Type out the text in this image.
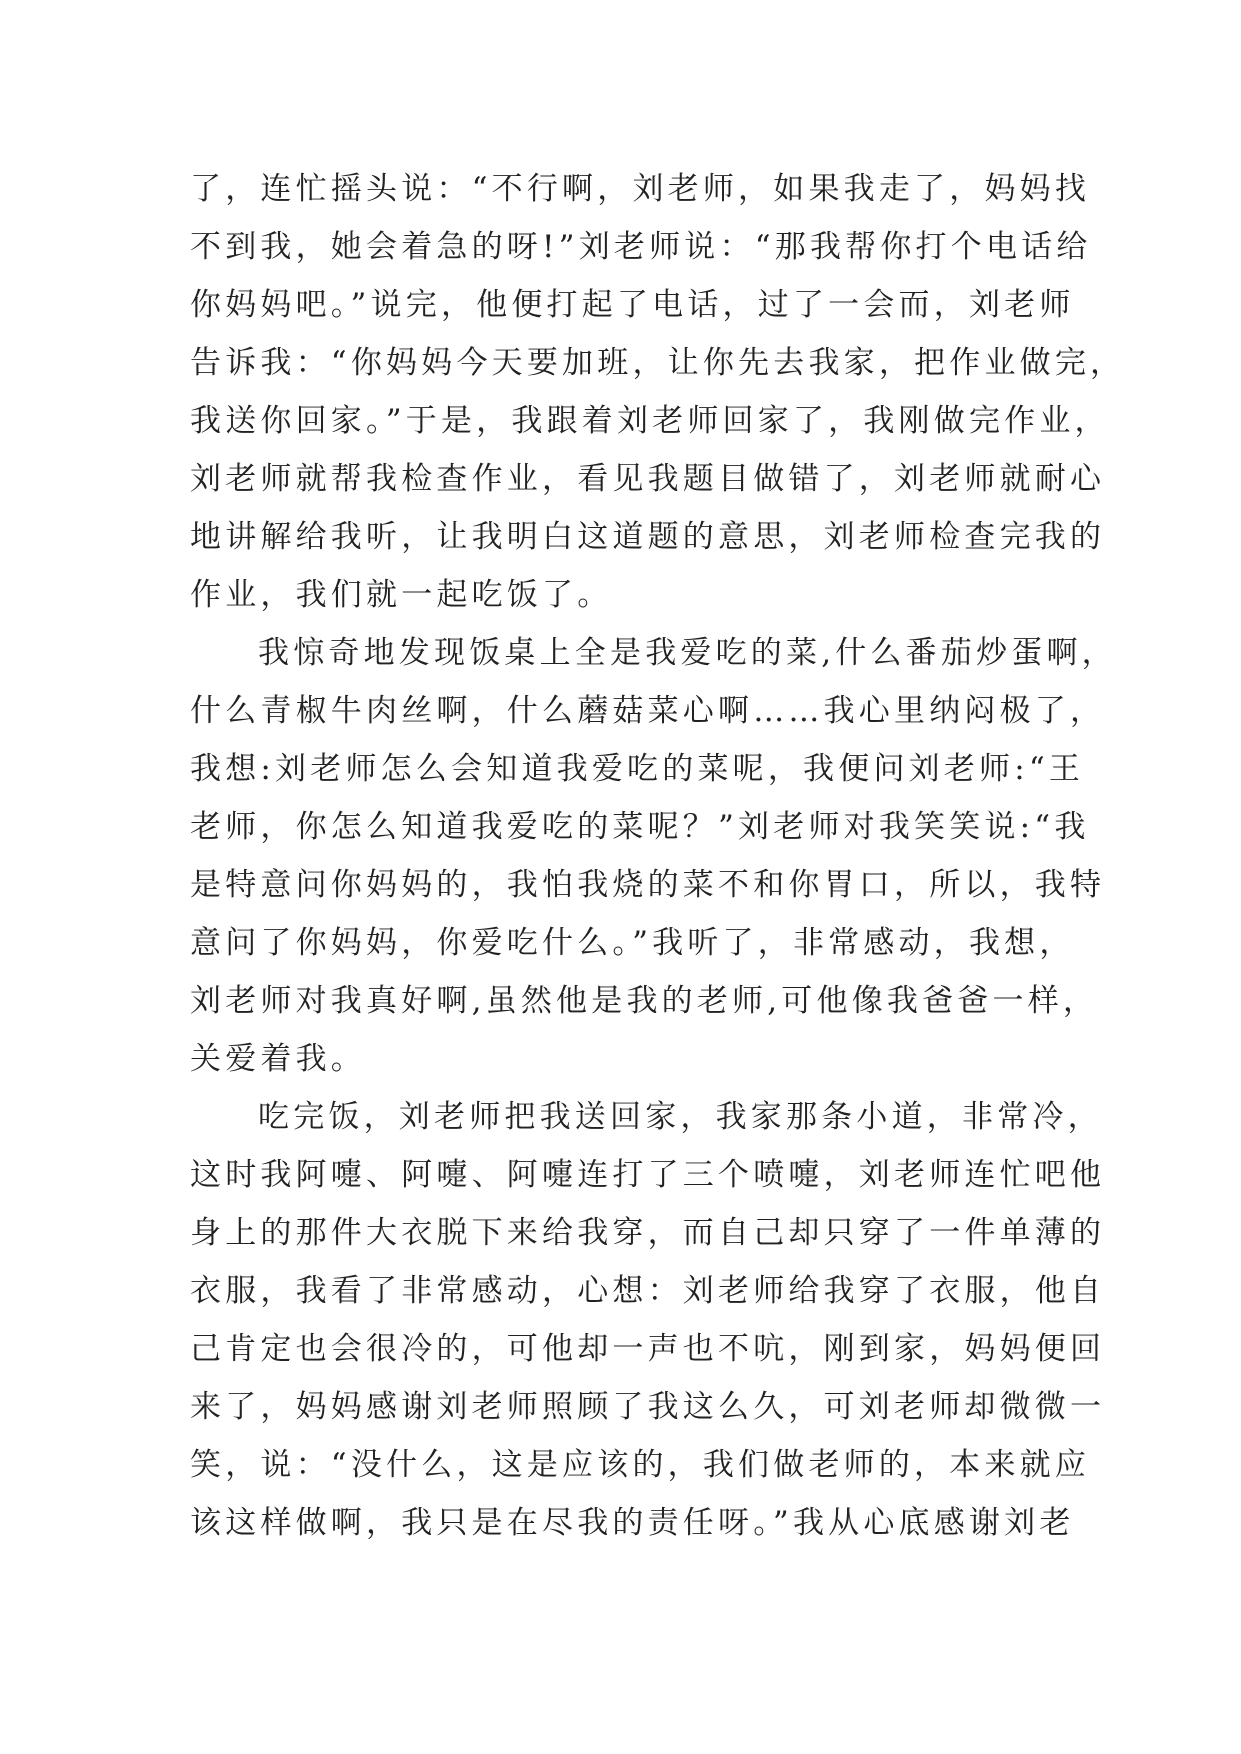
了，连忙摇头说：“不行啊，刘老师，如果我走了，妈妈找
不到我，她会着急的呀!”刘老师说：“那我帮你打个电话给
你妈妈吧。”说完，他便打起了电话，过了一会而，刘老师
告诉我：“你妈妈今天要加班，让你先去我家，把作业做完，
我送你回家。”于是，我跟着刘老师回家了，我刚做完作业，
刘老师就帮我检查作业，看见我题目做错了，刘老师就耐心
地讲解给我听，让我明白这道题的意思，刘老师检查完我的
作业，我们就一起吃饭了。
我惊奇地发现饭桌上全是我爱吃的菜,什么番茄炒蛋啊，
什么青椒牛肉丝啊，什么蘑菇菜心啊……我心里纳闷极了，
我想:刘老师怎么会知道我爱吃的菜呢，我便问刘老师:“王
老师，你怎么知道我爱吃的菜呢？”刘老师对我笑笑说:“我
是特意问你妈妈的，我怕我烧的菜不和你胃口，所以，我特
意问了你妈妈，你爱吃什么。”我听了，非常感动，我想，
刘老师对我真好啊,虽然他是我的老师,可他像我爸爸一样，
关爱着我。
吃完饭，刘老师把我送回家，我家那条小道，非常冷，
这时我阿嚏、阿嚏、阿嚏连打了三个喷嚏，刘老师连忙吧他
身上的那件大衣脱下来给我穿，而自己却只穿了一件单薄的
衣服，我看了非常感动，心想：刘老师给我穿了衣服，他自
己肯定也会很冷的，可他却一声也不吭，刚到家，妈妈便回
来了，妈妈感谢刘老师照顾了我这么久，可刘老师却微微一
笑，说：“没什么，这是应该的，我们做老师的，本来就应
该这样做啊，我只是在尽我的责任呀。”我从心底感谢刘老
